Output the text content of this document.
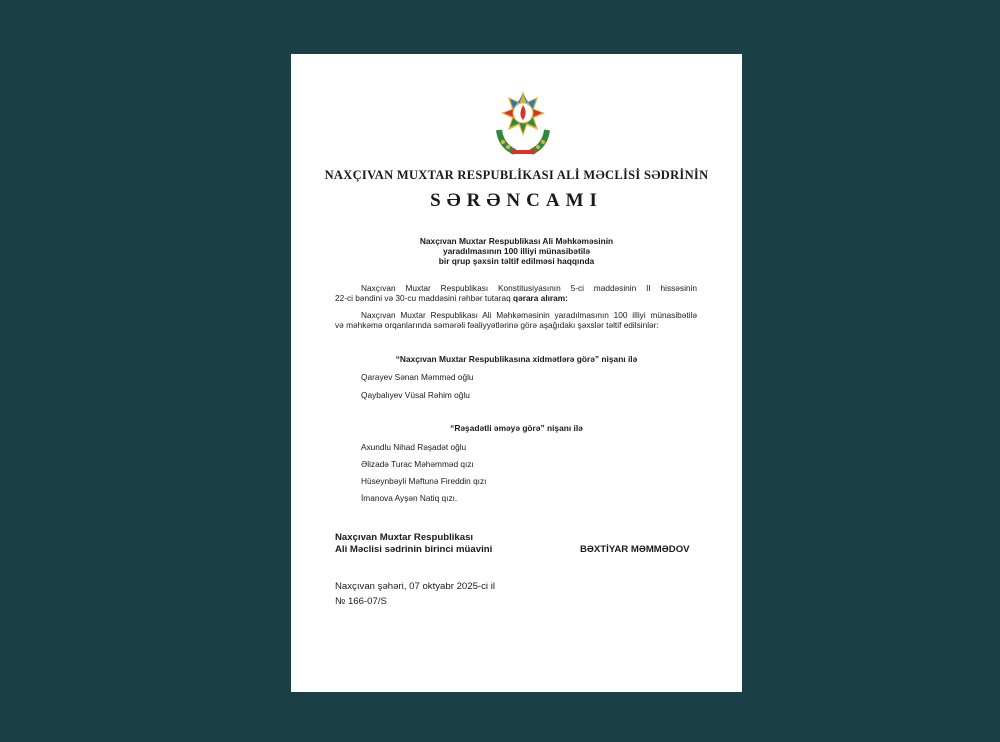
NAXÇIVAN MUXTAR RESPUBLİKASI ALİ MƏCLİSİ SƏDRİNİN
SƏRƏNCAMI
Naxçıvan Muxtar Respublikası Ali Məhkəməsinin
yaradılmasının 100 illiyi münasibətilə
bir qrup şəxsin təltif edilməsi haqqında
Naxçıvan Muxtar Respublikası Konstitusiyasının 5-ci maddəsinin II hissəsinin
22-ci bəndini və 30-cu maddəsini rəhbər tutaraq qərara alıram:
Naxçıvan Muxtar Respublikası Ali Məhkəməsinin yaradılmasının 100 illiyi münasibətilə
və məhkəmə orqanlarında səmərəli fəaliyyətlərinə görə aşağıdakı şəxslər təltif edilsinlər:
“Naxçıvan Muxtar Respublikasına xidmətlərə görə” nişanı ilə
Qarayev Sənan Məmməd oğlu
Qaybalıyev Vüsal Rəhim oğlu
“Rəşadətli əməyə görə” nişanı ilə
Axundlu Nihad Rəşadət oğlu
Əlizadə Turac Məhəmməd qızı
Hüseynbəyli Məftunə Fireddin qızı
İmanova Ayşən Natiq qızı.
Naxçıvan Muxtar Respublikası
Ali Məclisi sədrinin birinci müavini	BƏXTİYAR MƏMMƏDOV
Naxçıvan şəhəri, 07 oktyabr 2025-ci il
№ 166-07/S
